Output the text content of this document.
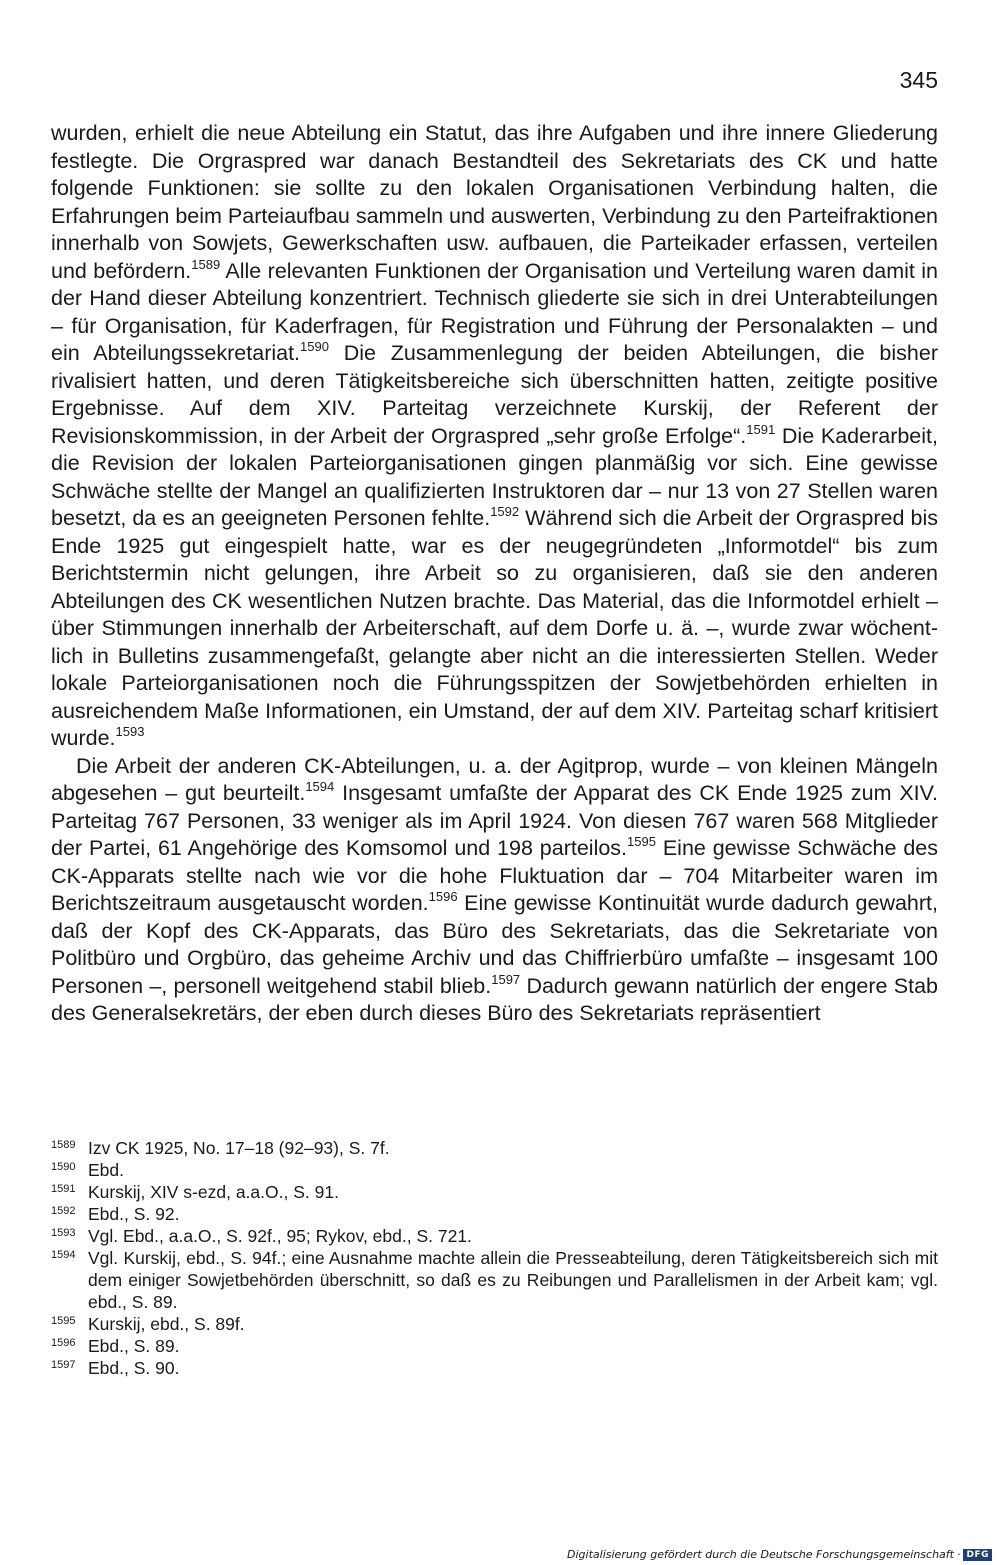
345

wurden, erhielt die neue Abteilung ein Statut, das ihre Aufgaben und ihre innere Gliederung festlegte. Die Orgraspred war danach Bestandteil des Sekretariats des CK und hatte folgende Funktionen: sie sollte zu den lokalen Organisationen Verbindung halten, die Erfahrungen beim Parteiaufbau sammeln und auswerten, Verbindung zu den Parteifraktionen innerhalb von Sowjets, Gewerkschaften usw. aufbauen, die Parteikader erfassen, verteilen und befördern.$^{1589}$ Alle relevanten Funktionen der Organisation und Verteilung waren damit in der Hand dieser Abteilung konzentriert. Technisch gliederte sie sich in drei Unterabteilungen – für Organisation, für Kaderfragen, für Registration und Führung der Personalakten – und ein Abteilungssekretariat.$^{1590}$ Die Zusammenlegung der beiden Abteilungen, die bisher rivalisiert hatten, und deren Tätigkeitsbereiche sich überschnitten hatten, zeitigte positive Ergebnisse. Auf dem XIV. Parteitag verzeichnete Kurskij, der Referent der Revisionskommission, in der Arbeit der Orgraspred „sehr große Erfolge“.$^{1591}$ Die Kaderarbeit, die Revision der lokalen Parteiorganisationen gingen planmäßig vor sich. Eine gewisse Schwäche stellte der Mangel an qualifizierten Instruktoren dar – nur 13 von 27 Stellen waren besetzt, da es an geeigneten Personen fehlte.$^{1592}$ Während sich die Arbeit der Orgraspred bis Ende 1925 gut eingespielt hatte, war es der neugegründeten „Informotdel“ bis zum Berichtstermin nicht gelungen, ihre Arbeit so zu organisieren, daß sie den anderen Abteilungen des CK wesentlichen Nutzen brachte. Das Material, das die Informotdel erhielt – über Stimmungen innerhalb der Arbeiterschaft, auf dem Dorfe u. ä. –, wurde zwar wöchentlich in Bulletins zusammengefaßt, gelangte aber nicht an die interessierten Stellen. Weder lokale Parteiorganisationen noch die Führungsspitzen der Sowjetbehörden erhielten in ausreichendem Maße Informationen, ein Umstand, der auf dem XIV. Parteitag scharf kritisiert wurde.$^{1593}$

Die Arbeit der anderen CK-Abteilungen, u. a. der Agitprop, wurde – von kleinen Mängeln abgesehen – gut beurteilt.$^{1594}$ Insgesamt umfaßte der Apparat des CK Ende 1925 zum XIV. Parteitag 767 Personen, 33 weniger als im April 1924. Von diesen 767 waren 568 Mitglieder der Partei, 61 Angehörige des Komsomol und 198 parteilos.$^{1595}$ Eine gewisse Schwäche des CK-Apparats stellte nach wie vor die hohe Fluktuation dar – 704 Mitarbeiter waren im Berichtszeitraum ausgetauscht worden.$^{1596}$ Eine gewisse Kontinuität wurde dadurch gewahrt, daß der Kopf des CK-Apparats, das Büro des Sekretariats, das die Sekretariate von Politbüro und Orgbüro, das geheime Archiv und das Chiffrierbüro umfaßte – insgesamt 100 Personen –, personell weitgehend stabil blieb.$^{1597}$ Dadurch gewann natürlich der engere Stab des Generalsekretärs, der eben durch dieses Büro des Sekretariats repräsentiert

1589 Izv CK 1925, No. 17–18 (92–93), S. 7f.
1590 Ebd.
1591 Kurskij, XIV s-ezd, a.a.O., S. 91.
1592 Ebd., S. 92.
1593 Vgl. Ebd., a.a.O., S. 92f., 95; Rykov, ebd., S. 721.
1594 Vgl. Kurskij, ebd., S. 94f.; eine Ausnahme machte allein die Presseabteilung, deren Tätigkeitsbereich sich mit dem einiger Sowjetbehörden überschnitt, so daß es zu Reibungen und Parallelismen in der Arbeit kam; vgl. ebd., S. 89.
1595 Kurskij, ebd., S. 89f.
1596 Ebd., S. 89.
1597 Ebd., S. 90.
Digitalisierung gefördert durch die Deutsche Forschungsgemeinschaft · DFG
